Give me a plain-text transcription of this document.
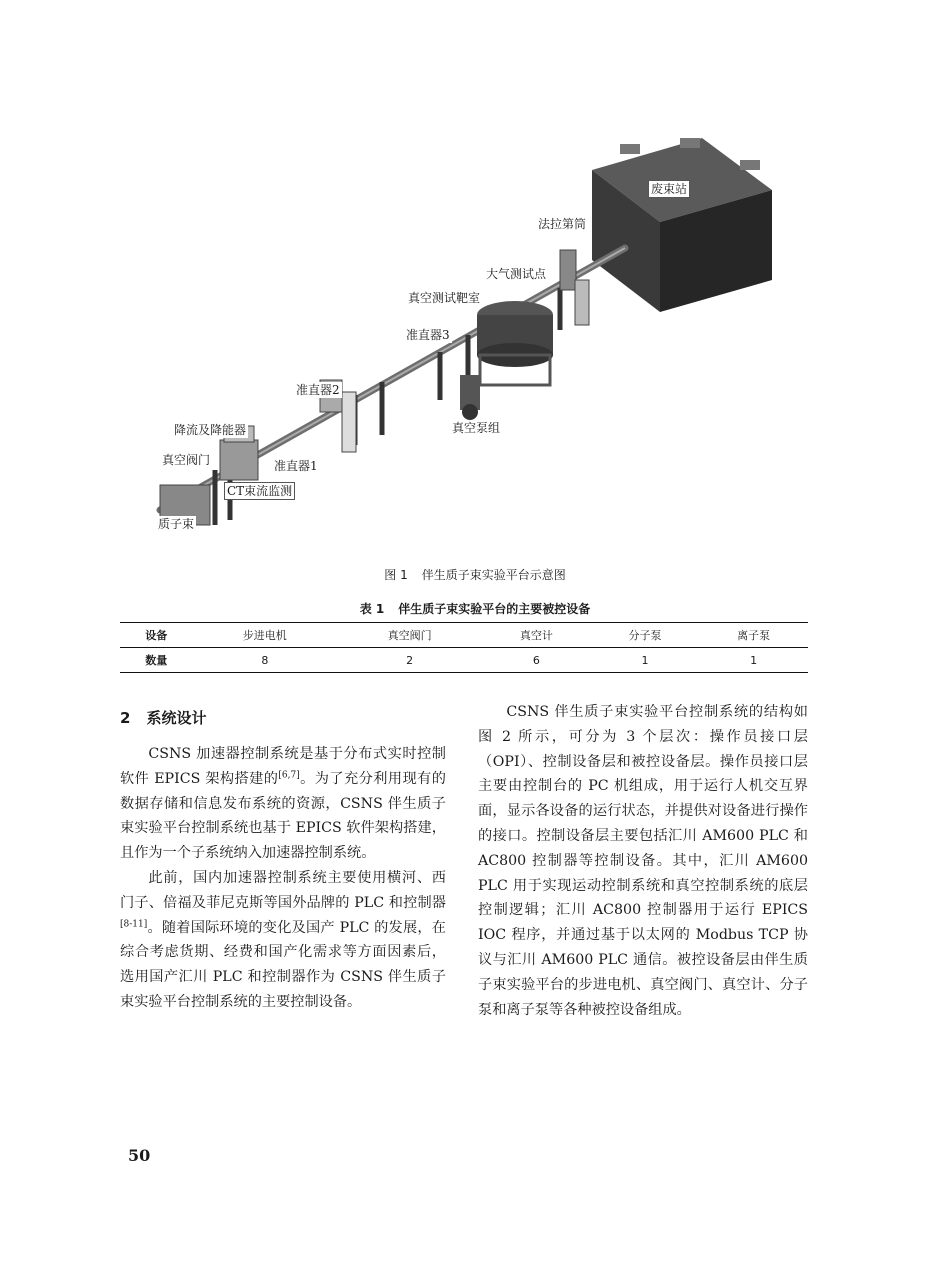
废束站
法拉第筒
大气测试点
真空测试靶室
准直器3
准直器2
真空泵组
降流及降能器
真空阀门	准直器1
CT束流监测
质子束
图 1 伴生质子束实验平台示意图
表 1 伴生质子束实验平台的主要被控设备
设备	步进电机	真空阀门	真空计	分子泵	离子泵
数量	8	2	6	1	1
2 系统设计

CSNS 加速器控制系统是基于分布式实时控制软件 EPICS 架构搭建的[6,7]。为了充分利用现有的数据存储和信息发布系统的资源，CSNS 伴生质子束实验平台控制系统也基于 EPICS 软件架构搭建，且作为一个子系统纳入加速器控制系统。

此前，国内加速器控制系统主要使用横河、西门子、倍福及菲尼克斯等国外品牌的 PLC 和控制器[8-11]。随着国际环境的变化及国产 PLC 的发展，在综合考虑货期、经费和国产化需求等方面因素后，选用国产汇川 PLC 和控制器作为 CSNS 伴生质子束实验平台控制系统的主要控制设备。

CSNS 伴生质子束实验平台控制系统的结构如图 2 所示，可分为 3 个层次：操作员接口层（OPI）、控制设备层和被控设备层。操作员接口层主要由控制台的 PC 机组成，用于运行人机交互界面，显示各设备的运行状态，并提供对设备进行操作的接口。控制设备层主要包括汇川 AM600 PLC 和 AC800 控制器等控制设备。其中，汇川 AM600 PLC 用于实现运动控制系统和真空控制系统的底层控制逻辑；汇川 AC800 控制器用于运行 EPICS IOC 程序，并通过基于以太网的 Modbus TCP 协议与汇川 AM600 PLC 通信。被控设备层由伴生质子束实验平台的步进电机、真空阀门、真空计、分子泵和离子泵等各种被控设备组成。

50
